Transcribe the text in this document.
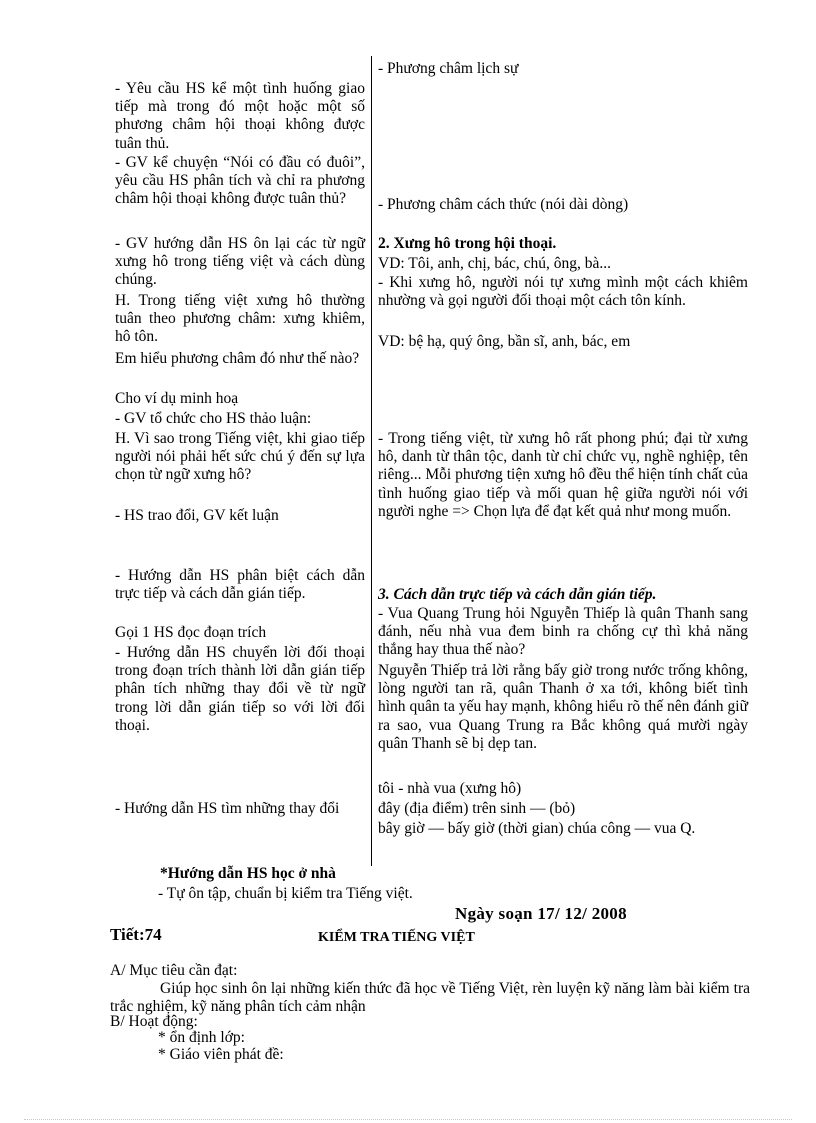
- Yêu cầu HS kể một tình huống giao tiếp mà trong đó một hoặc một số phương châm hội thoại không được tuân thủ.

- GV kể chuyện “Nói có đầu có đuôi”, yêu cầu HS phân tích và chỉ ra phương châm hội thoại không được tuân thủ?

- GV hướng dẫn HS ôn lại các từ ngữ xưng hô trong tiếng việt và cách dùng chúng.

H. Trong tiếng việt xưng hô thường tuân theo phương châm: xưng khiêm, hô tôn.

Em hiểu phương châm đó như thế nào?

Cho ví dụ minh hoạ

- GV tổ chức cho HS thảo luận:

H. Vì sao trong Tiếng việt, khi giao tiếp người nói phải hết sức chú ý đến sự lựa chọn từ ngữ xưng hô?

- HS trao đổi, GV kết luận

- Hướng dẫn HS phân biệt cách dẫn trực tiếp và cách dẫn gián tiếp.

Gọi 1 HS đọc đoạn trích

- Hướng dẫn HS chuyển lời đối thoại trong đoạn trích thành lời dẫn gián tiếp phân tích những thay đổi về từ ngữ trong lời dẫn gián tiếp so với lời đối thoại.

- Hướng dẫn HS tìm những thay đổi

- Phương châm lịch sự

- Phương châm cách thức (nói dài dòng)

2. Xưng hô trong hội thoại.

VD: Tôi, anh, chị, bác, chú, ông, bà...

- Khi xưng hô, người nói tự xưng mình một cách khiêm nhường và gọi người đối thoại một cách tôn kính.

VD: bệ hạ, quý ông, bần sĩ, anh, bác, em

- Trong tiếng việt, từ xưng hô rất phong phú; đại từ xưng hô, danh từ thân tộc, danh từ chỉ chức vụ, nghề nghiệp, tên riêng... Mỗi phương tiện xưng hô đều thể hiện tính chất của tình huống giao tiếp và mối quan hệ giữa người nói với người nghe => Chọn lựa để đạt kết quả như mong muốn.

3. Cách dẫn trực tiếp và cách dẫn gián tiếp.

- Vua Quang Trung hỏi Nguyễn Thiếp là quân Thanh sang đánh, nếu nhà vua đem binh ra chống cự thì khả năng thắng hay thua thế nào?

Nguyễn Thiếp trả lời rằng bấy giờ trong nước trống không, lòng người tan rã, quân Thanh ở xa tới, không biết tình hình quân ta yếu hay mạnh, không hiểu rõ thế nên đánh giữ ra sao, vua Quang Trung ra Bắc không quá mười ngày quân Thanh sẽ bị dẹp tan.

tôi - nhà vua (xưng hô)

đây (địa điểm) trên sinh — (bỏ)

bây giờ — bấy giờ (thời gian) chúa công — vua Q.

*Hướng dẫn HS học ở nhà

- Tự ôn tập, chuẩn bị kiểm tra Tiếng việt.

Ngày soạn 17/ 12/ 2008

Tiết:74	KIỂM TRA TIẾNG VIỆT

A/ Mục tiêu cần đạt:

Giúp học sinh ôn lại những kiến thức đã học về Tiếng Việt, rèn luyện kỹ năng làm bài kiểm tra trắc nghiệm, kỹ năng phân tích cảm nhận

B/ Hoạt động:

* ổn định lớp:

* Giáo viên phát đề:
